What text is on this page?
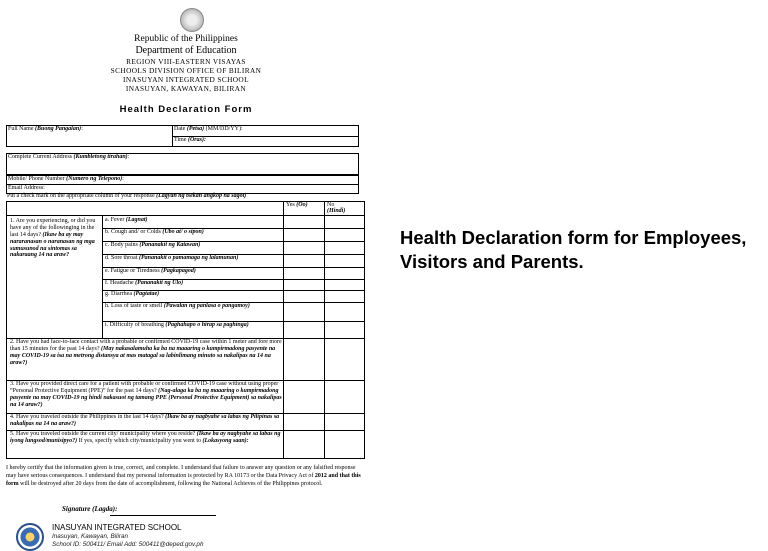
Republic of the Philippines
Department of Education
REGION VIII-EASTERN VISAYAS
SCHOOLS DIVISION OFFICE OF BILIRAN
INASUYAN INTEGRATED SCHOOL
INASUYAN, KAWAYAN, BILIRAN
Health Declaration Form
Full Name (Buong Pangalan):	Date (Petsa) (MM/DD/YY):
Time (Oras):
Complete Current Address (Kumbletong tirahan):
Mobile/ Phone Number (Numero ng Telepono):
Email Address:
Put a check mark on the appropriate column of your response (Lagyan ng tsekan angkop na sagot)
Yes (Oo)	No
(Hindi)
1. Are you experiencing, or did you have any of the followinging in the last 14 days? (Ikaw ba ay may nararanasan o naranasan ng mga sumusunod na sintomas sa nakaraang 14 na araw?
2. Have you had face-to-face contact with a probable or confirmed COVID-19 case within 1 meter and fore more than 15 minutes for the past 14 days? (May nakasalamuha ka ba na maaaring o kumpirmadong pasyente na may COVID-19 sa isa na metrong distansya at mas matagal sa labinlimang minuto sa nakalipas na 14 na araw?)
3. Have you provided direct care for a patient with probable or confirmed COVID-19 case without using proper “Personal Protective Equipment (PPE)” for the past 14 days? (Nag-alaga ka ba ng maaaring o kumpirmadong pasyente na may COVID-19 ng hindi nakasuot ng tamang PPE (Personal Protective Equipment) sa nakalipas na 14 araw?)
4. Have you traveled outside the Philippines in the last 14 days? (Ikaw ba ay nagbyahe sa labas ng Pilipinas sa nakalipas na 14 na araw?)
5. Have you traveled outside the current city/ municipality where you reside? (Ikaw ba ay nagbyahe sa labas ng iyong lungsod/munisipyo?) If yes, specify which city/municipality you went to (Lokasyong saan):
I hereby certify that the information given is true, correct, and complete. I understand that failure to answer any question or any falsified response may have serious consequences. I understand that my personal information is protected by RA 10173 or the Data Privacy Act of 2012 and that this form will be destroyed after 20 days from the date of accomplishment, following the National Achieves of the Philippines protocol.
Signature (Lagda):
INASUYAN INTEGRATED SCHOOL
Inasuyan, Kawayan, Biliran
School ID: 500411/ Email Add: 500411@deped.gov.ph
a. Fever (Lagnat)
b. Cough and/ or Colds (Ubo at/ o sipon)
c. Body pains (Pananakit ng Katawan)
d. Sore throat (Pananakit o pamamaga ng lalamunan)
e. Fatigue or Tiredness (Pagkapagod)
f. Headache (Pananakit ng Ulo)
g. Diarrhea (Pagtatae)
h. Loss of taste or smell (Pawalan ng panlasa o pangamoy)
i. Difficulty of breathing (Paghahapo o hirap sa paghinga)
Health Declaration form for Employees, Visitors and Parents.
